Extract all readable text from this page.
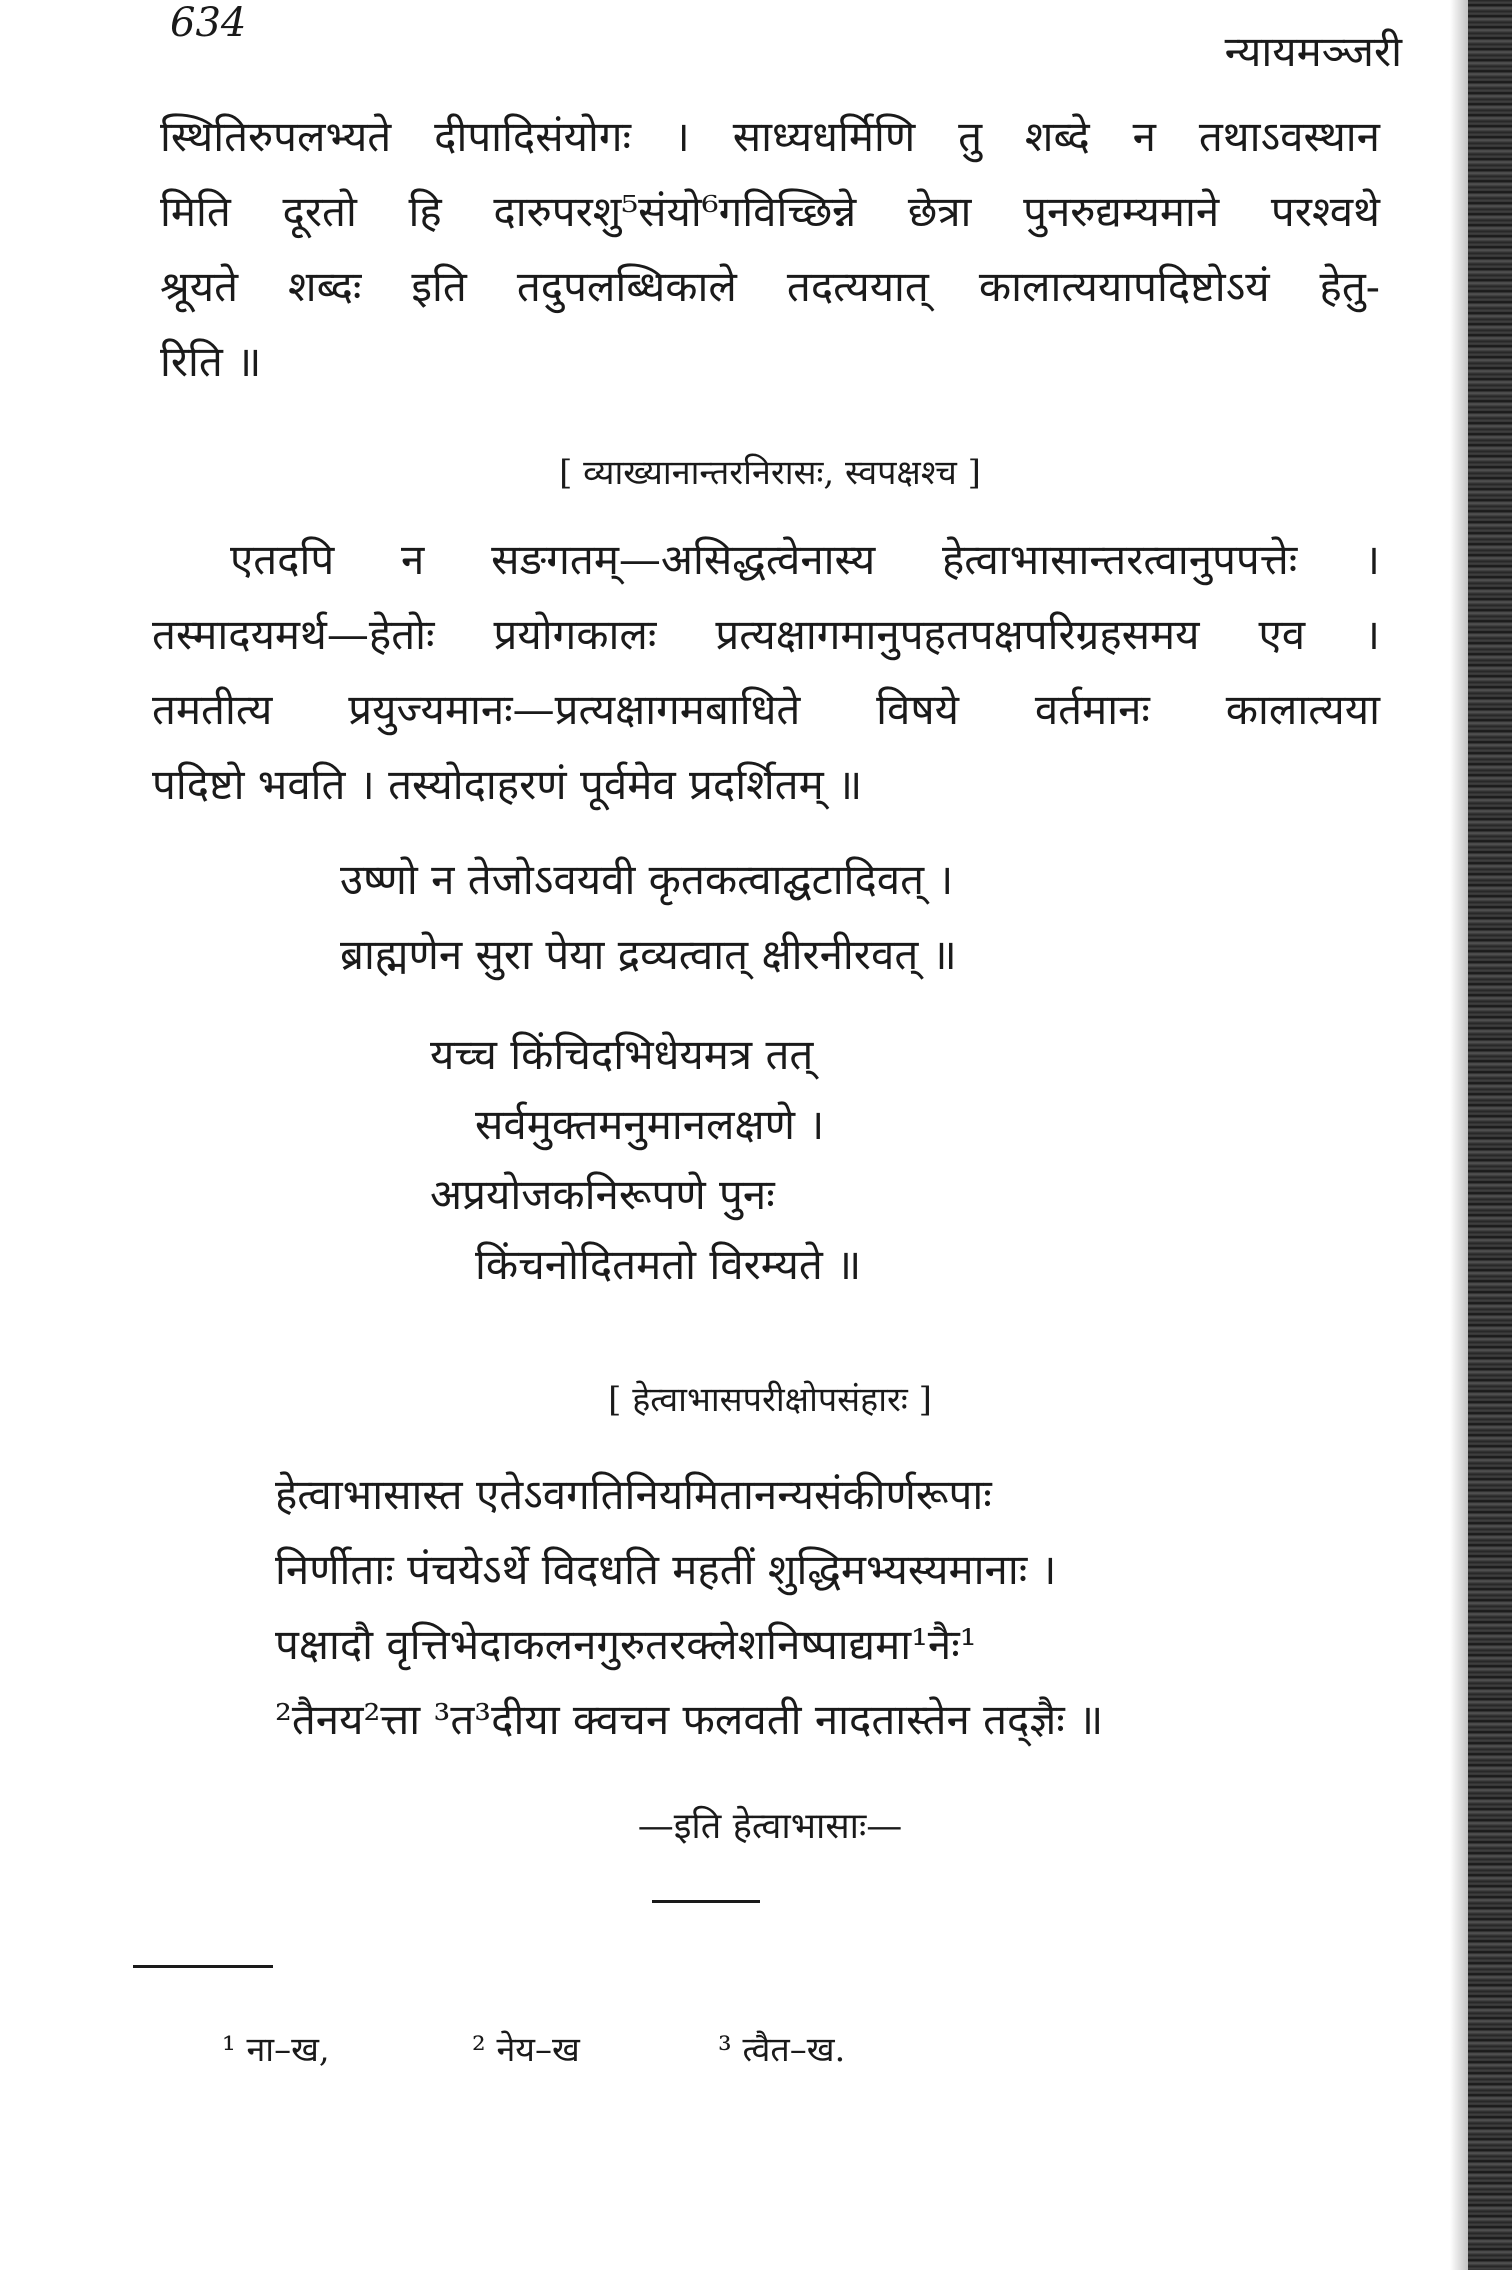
634
न्यायमञ्जरी
स्थितिरुपलभ्यते दीपादिसंयोगः । साध्यधर्मिणि तु शब्दे न तथाऽवस्थान
मिति दूरतो हि दारुपरशु⁵संयो⁶गविच्छिन्ने छेत्रा पुनरुद्यम्यमाने परश्वथे
श्रूयते शब्दः इति तदुपलब्धिकाले तदत्ययात् कालात्ययापदिष्टोऽयं हेतु-
रिति ॥
[ व्याख्यानान्तरनिरासः, स्वपक्षश्च ]
एतदपि न सङगतम्—असिद्धत्वेनास्य हेत्वाभासान्तरत्वानुपपत्तेः ।
तस्मादयमर्थ—हेतोः प्रयोगकालः प्रत्यक्षागमानुपहतपक्षपरिग्रहसमय एव ।
तमतीत्य प्रयुज्यमानः—प्रत्यक्षागमबाधिते विषये वर्तमानः कालात्यया
पदिष्टो भवति । तस्योदाहरणं पूर्वमेव प्रदर्शितम् ॥
उष्णो न तेजोऽवयवी कृतकत्वाद्घटादिवत् ।
ब्राह्मणेन सुरा पेया द्रव्यत्वात् क्षीरनीरवत् ॥
यच्च किंचिदभिधेयमत्र तत्
सर्वमुक्तमनुमानलक्षणे ।
अप्रयोजकनिरूपणे पुनः
किंचनोदितमतो विरम्यते ॥
[ हेत्वाभासपरीक्षोपसंहारः ]
हेत्वाभासास्त एतेऽवगतिनियमितानन्यसंकीर्णरूपाः
निर्णीताः पंचयेऽर्थे विदधति महतीं शुद्धिमभ्यस्यमानाः ।
पक्षादौ वृत्तिभेदाकलनगुरुतरक्लेशनिष्पाद्यमा¹नैः¹
²तैनय²त्ता ³त³दीया क्वचन फलवती नादतास्तेन तद्ज्ञैः ॥
—इति हेत्वाभासाः—
¹ ना–ख,	² नेय–ख	³ त्वैत–ख.
